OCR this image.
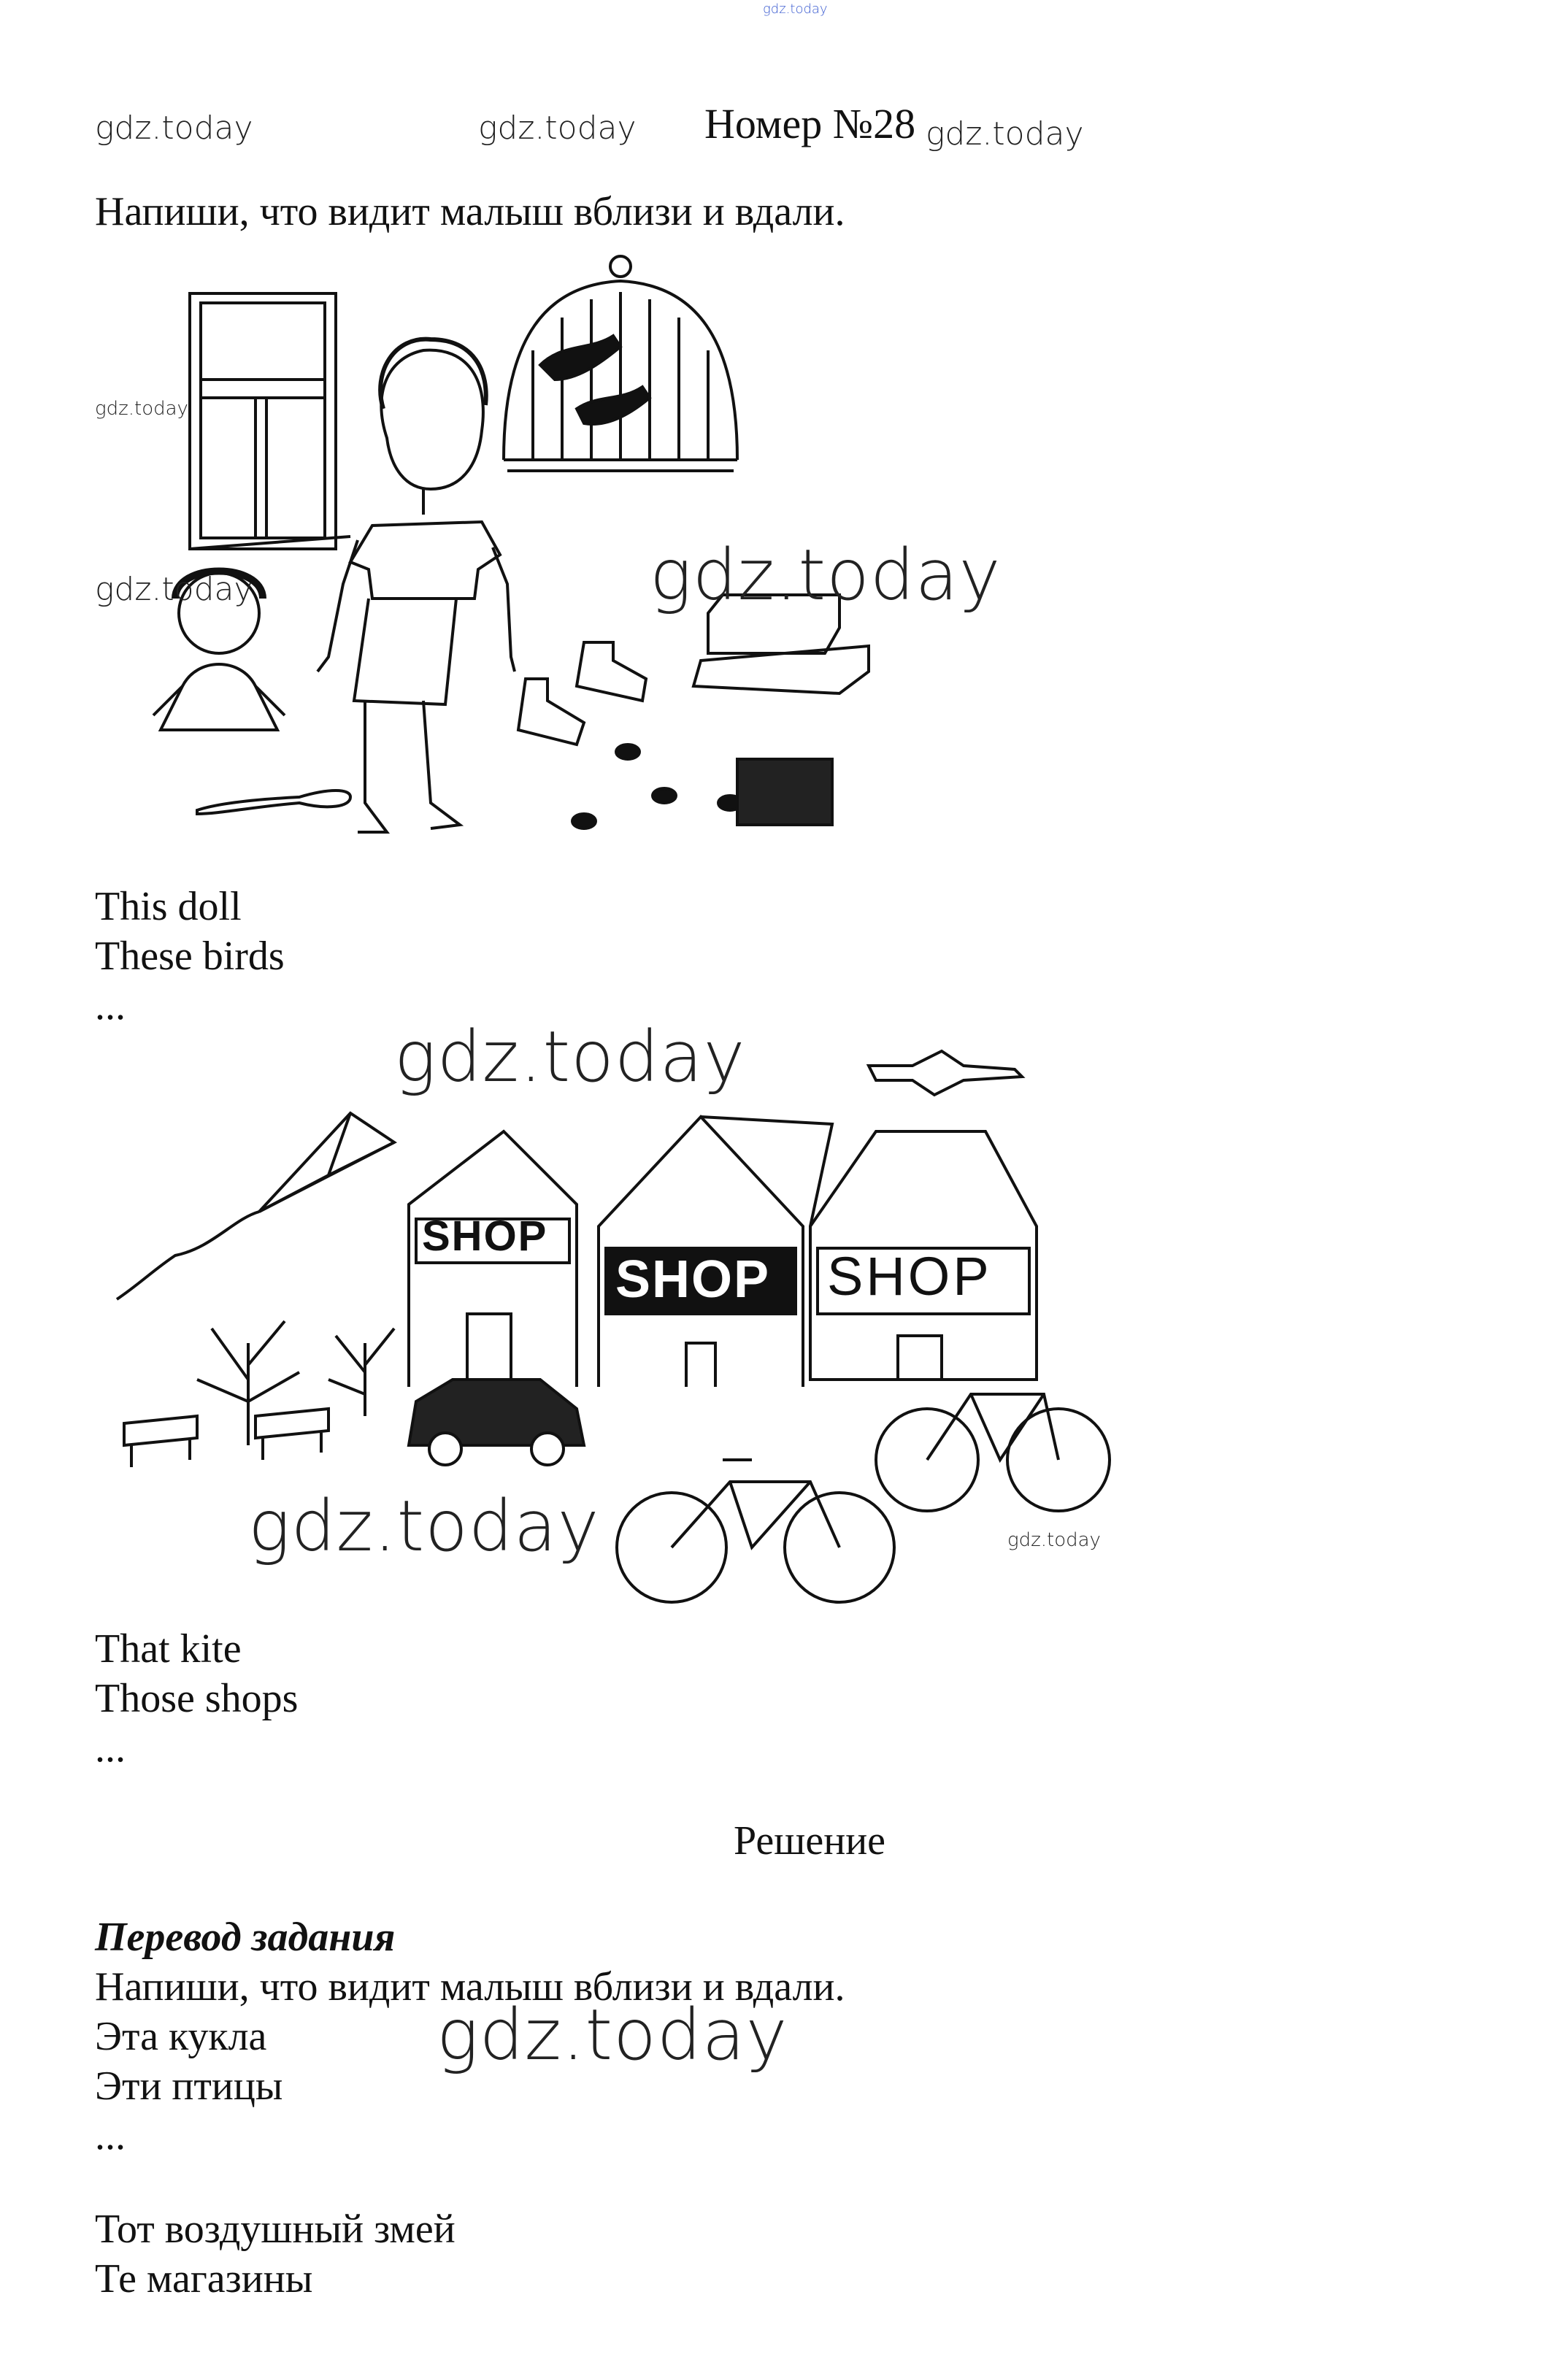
gdz.today
gdz.today	gdz.today Номер №28 gdz.today
Напиши, что видит малыш вблизи и вдали.
gdz.today
gdz.today	gdz.today
This doll
These birds
...
SHOP
SHOP SHOP
gdz.today
gdz.today	gdz.today
That kite
Those shops
...
Решение
Перевод задания
Напиши, что видит малыш вблизи и вдали.
Эта кукла
Эти птицы
...
gdz.today
Тот воздушный змей
Те магазины
